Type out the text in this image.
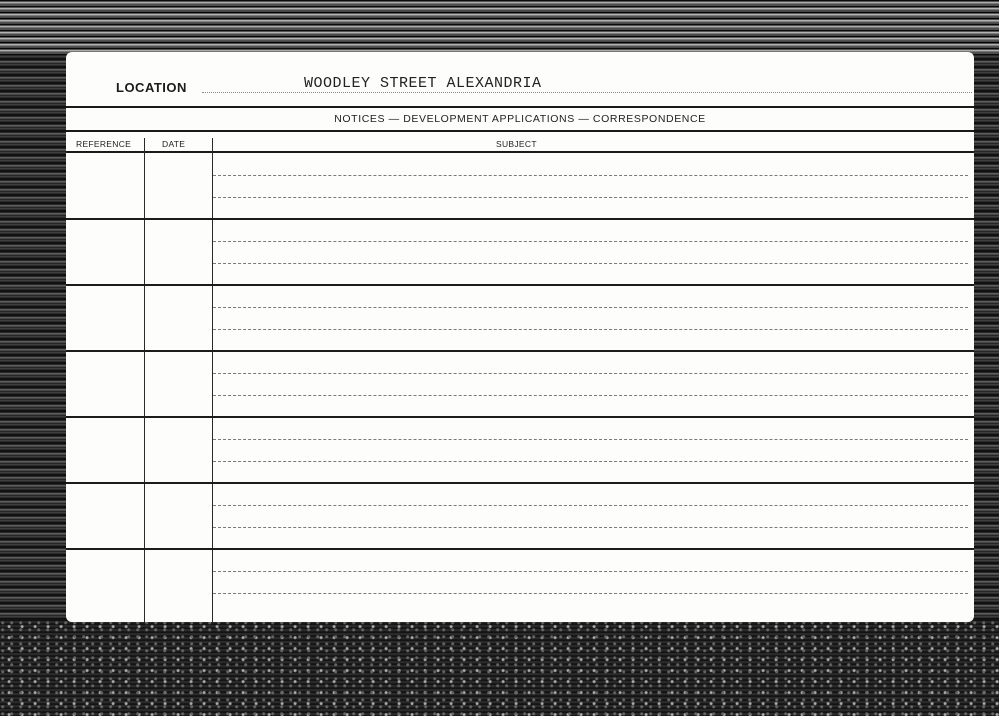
LOCATION	WOODLEY STREET ALEXANDRIA
NOTICES — DEVELOPMENT APPLICATIONS — CORRESPONDENCE
REFERENCE	DATE	SUBJECT
